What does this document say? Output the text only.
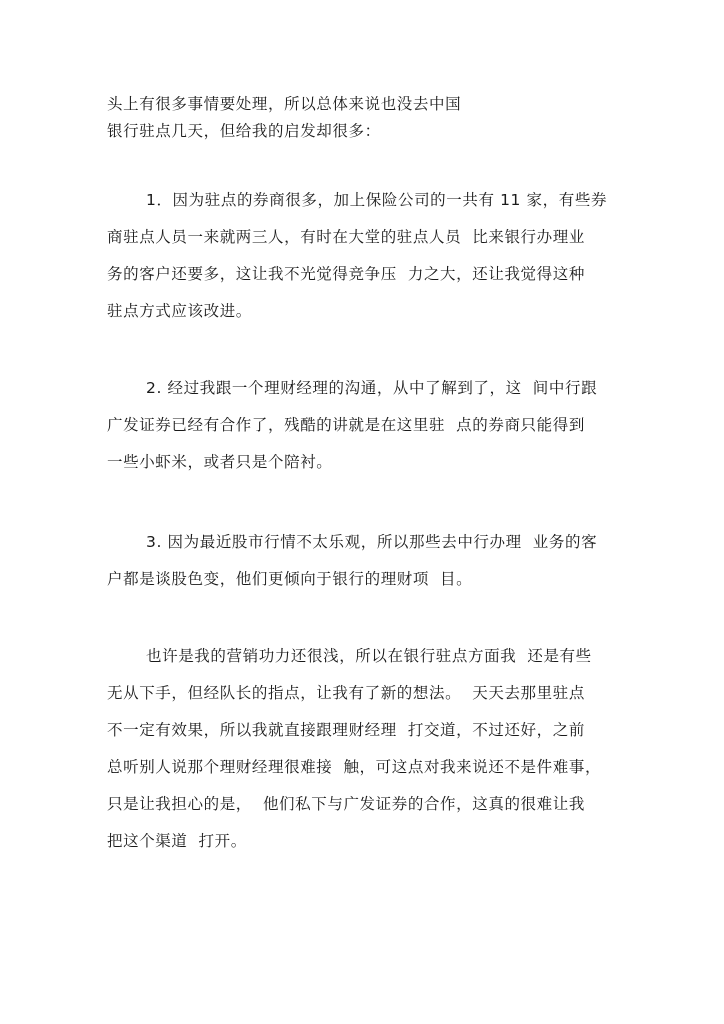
头上有很多事情要处理，所以总体来说也没去中国
银行驻点几天，但给我的启发却很多：
1．因为驻点的券商很多，加上保险公司的一共有 11 家，有些券
商驻点人员一来就两三人，有时在大堂的驻点人员  比来银行办理业
务的客户还要多，这让我不光觉得竞争压  力之大，还让我觉得这种
驻点方式应该改进。
2. 经过我跟一个理财经理的沟通，从中了解到了，这  间中行跟
广发证券已经有合作了，残酷的讲就是在这里驻  点的券商只能得到
一些小虾米，或者只是个陪衬。
3. 因为最近股市行情不太乐观，所以那些去中行办理  业务的客
户都是谈股色变，他们更倾向于银行的理财项  目。
也许是我的营销功力还很浅，所以在银行驻点方面我  还是有些
无从下手，但经队长的指点，让我有了新的想法。  天天去那里驻点
不一定有效果，所以我就直接跟理财经理  打交道，不过还好，之前
总听别人说那个理财经理很难接  触，可这点对我来说还不是件难事，
只是让我担心的是，  他们私下与广发证券的合作，这真的很难让我
把这个渠道  打开。
